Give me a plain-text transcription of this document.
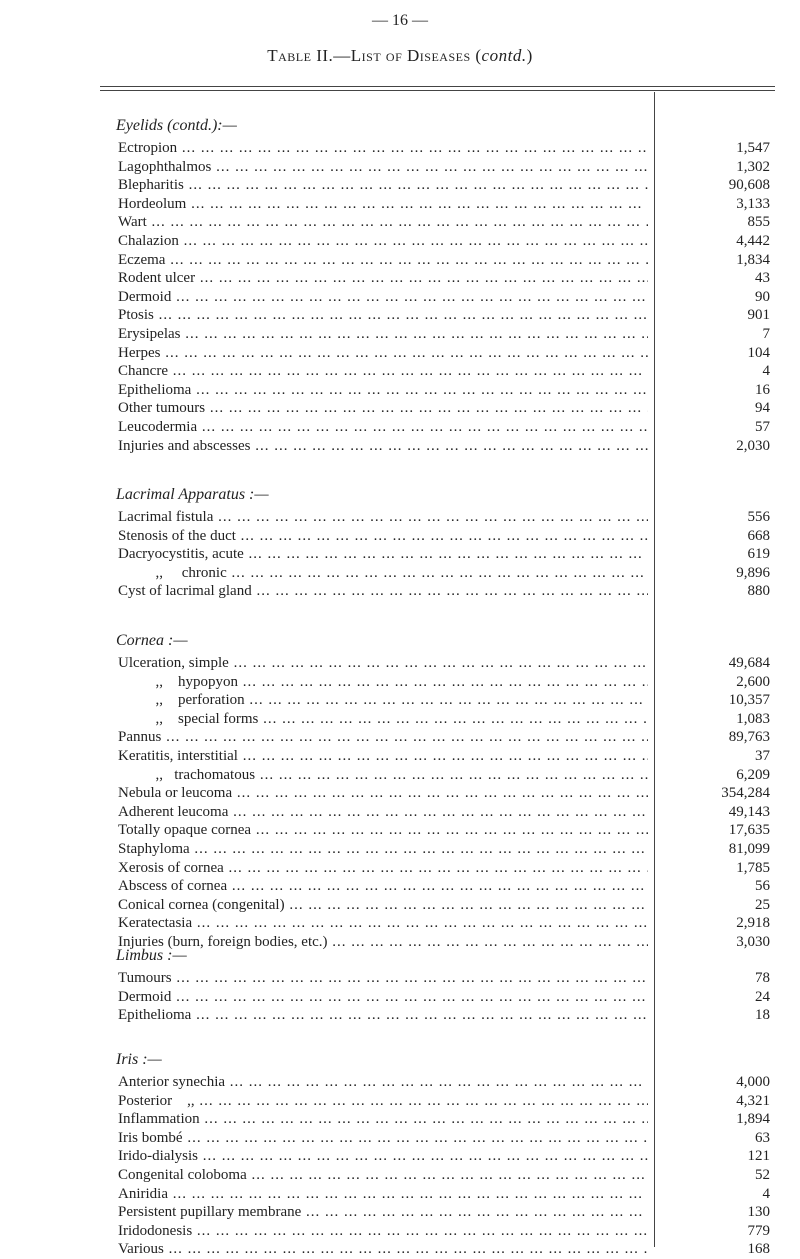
— 16 —
Table II.—List of Diseases (contd.)
Eyelids (contd.):—
Ectropion ... .	1,547
Lagophthalmos ... .	1,302
Blepharitis ... .	90,608
Hordeolum ... .	3,133
Wart ... .	855
Chalazion ... .	4,442
Eczema ... .	1,834
Rodent ulcer ... .	43
Dermoid ... .	90
Ptosis ... .	901
Erysipelas ... .	7
Herpes ... .	104
Chancre ... .	4
Epithelioma ... .	16
Other tumours ... .	94
Leucodermia ... .	57
Injuries and abscesses ... .	2,030
Lacrimal Apparatus :—
Lacrimal fistula ... .	556
Stenosis of the duct ... .	668
Dacryocystitis, acute ... .	619
,,     chronic ... .	9,896
Cyst of lacrimal gland ... .	880
Cornea :—
Ulceration, simple ... .	49,684
,,    hypopyon ... .	2,600
,,    perforation ... .	10,357
,,    special forms ... .	1,083
Pannus ... .	89,763
Keratitis, interstitial ... .	37
,,   trachomatous ... .	6,209
Nebula or leucoma ... .	354,284
Adherent leucoma ... .	49,143
Totally opaque cornea ... .	17,635
Staphyloma ... .	81,099
Xerosis of cornea ... .	1,785
Abscess of cornea ... .	56
Conical cornea (congenital) ... .	25
Keratectasia ... .	2,918
Injuries (burn, foreign bodies, etc.) ... .	3,030
Limbus :—
Tumours ... .	78
Dermoid ... .	24
Epithelioma ... .	18
Iris :—
Anterior synechia ... .	4,000
Posterior    ,, ... .	4,321
Inflammation ... .	1,894
Iris bombé ... .	63
Irido-dialysis ... .	121
Congenital coloboma ... .	52
Aniridia ... .	4
Persistent pupillary membrane ... .	130
Iridodonesis ... .	779
Various ... .	168
